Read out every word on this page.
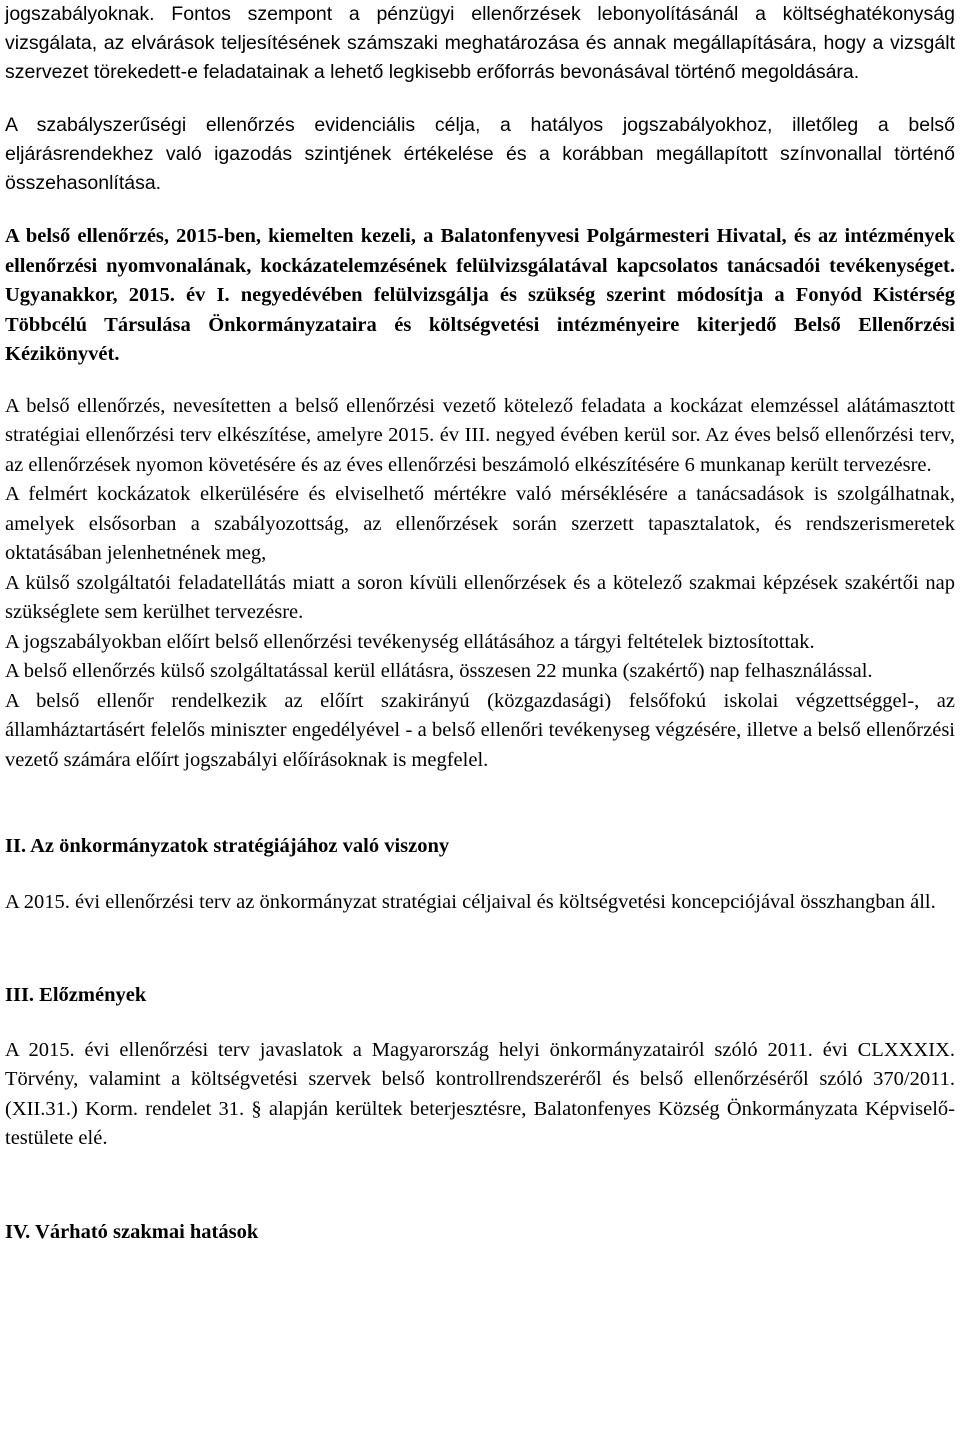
jogszabályoknak. Fontos szempont a pénzügyi ellenőrzések lebonyolításánál a költséghatékonyság vizsgálata, az elvárások teljesítésének számszaki meghatározása és annak megállapítására, hogy a vizsgált szervezet törekedett-e feladatainak a lehető legkisebb erőforrás bevonásával történő megoldására.

A szabályszerűségi ellenőrzés evidenciális célja, a hatályos jogszabályokhoz, illetőleg a belső eljárásrendekhez való igazodás szintjének értékelése és a korábban megállapított színvonallal történő összehasonlítása.

A belső ellenőrzés, 2015-ben, kiemelten kezeli, a Balatonfenyvesi Polgármesteri Hivatal, és az intézmények ellenőrzési nyomvonalának, kockázatelemzésének felülvizsgálatával kapcsolatos tanácsadói tevékenységet. Ugyanakkor, 2015. év I. negyedévében felülvizsgálja és szükség szerint módosítja a Fonyód Kistérség Többcélú Társulása Önkormányzataira és költségvetési intézményeire kiterjedő Belső Ellenőrzési Kézikönyvét.

A belső ellenőrzés, nevesítetten a belső ellenőrzési vezető kötelező feladata a kockázat elemzéssel alátámasztott stratégiai ellenőrzési terv elkészítése, amelyre 2015. év III. negyed évében kerül sor. Az éves belső ellenőrzési terv, az ellenőrzések nyomon követésére és az éves ellenőrzési beszámoló elkészítésére 6 munkanap került tervezésre.

A felmért kockázatok elkerülésére és elviselhető mértékre való mérséklésére a tanácsadások is szolgálhatnak, amelyek elsősorban a szabályozottság, az ellenőrzések során szerzett tapasztalatok, és rendszerismeretek oktatásában jelenhetnének meg,

A külső szolgáltatói feladatellátás miatt a soron kívüli ellenőrzések és a kötelező szakmai képzések szakértői nap szükséglete sem kerülhet tervezésre.

A jogszabályokban előírt belső ellenőrzési tevékenység ellátásához a tárgyi feltételek biztosítottak.

A belső ellenőrzés külső szolgáltatással kerül ellátásra, összesen 22 munka (szakértő) nap felhasználással.

A belső ellenőr rendelkezik az előírt szakirányú (közgazdasági) felsőfokú iskolai végzettséggel-, az államháztartásért felelős miniszter engedélyével - a belső ellenőri tevékenyseg végzésére, illetve a belső ellenőrzési vezető számára előírt jogszabályi előírásoknak is megfelel.

II. Az önkormányzatok stratégiájához való viszony

A 2015. évi ellenőrzési terv az önkormányzat stratégiai céljaival és költségvetési koncepciójával összhangban áll.

III. Előzmények

A 2015. évi ellenőrzési terv javaslatok a Magyarország helyi önkormányzatairól szóló 2011. évi CLXXXIX. Törvény, valamint a költségvetési szervek belső kontrollrendszeréről és belső ellenőrzéséről szóló 370/2011. (XII.31.) Korm. rendelet 31. § alapján kerültek beterjesztésre, Balatonfenyes Község Önkormányzata Képviselő-testülete elé.

IV. Várható szakmai hatások
